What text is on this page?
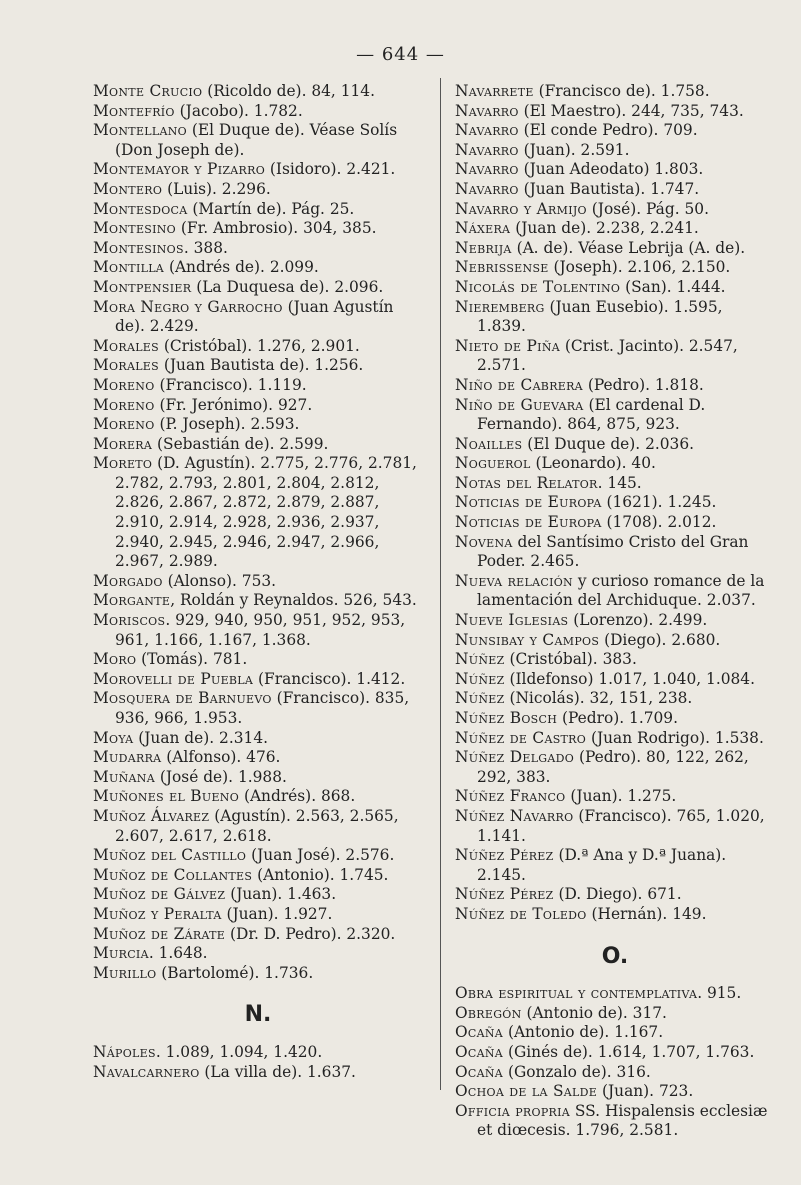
— 644 —
Monte Crucio (Ricoldo de). 84, 114.
Montefrío (Jacobo). 1.782.
Montellano (El Duque de). Véase Solís (Don Joseph de).
Montemayor y Pizarro (Isidoro). 2.421.
Montero (Luis). 2.296.
Montesdoca (Martín de). Pág. 25.
Montesino (Fr. Ambrosio). 304, 385.
Montesinos. 388.
Montilla (Andrés de). 2.099.
Montpensier (La Duquesa de). 2.096.
Mora Negro y Garrocho (Juan Agustín de). 2.429.
Morales (Cristóbal). 1.276, 2.901.
Morales (Juan Bautista de). 1.256.
Moreno (Francisco). 1.119.
Moreno (Fr. Jerónimo). 927.
Moreno (P. Joseph). 2.593.
Morera (Sebastián de). 2.599.
Moreto (D. Agustín). 2.775, 2.776, 2.781, 2.782, 2.793, 2.801, 2.804, 2.812, 2.826, 2.867, 2.872, 2.879, 2.887, 2.910, 2.914, 2.928, 2.936, 2.937, 2.940, 2.945, 2.946, 2.947, 2.966, 2.967, 2.989.
Morgado (Alonso). 753.
Morgante, Roldán y Reynaldos. 526, 543.
Moriscos. 929, 940, 950, 951, 952, 953, 961, 1.166, 1.167, 1.368.
Moro (Tomás). 781.
Morovelli de Puebla (Francisco). 1.412.
Mosquera de Barnuevo (Francisco). 835, 936, 966, 1.953.
Moya (Juan de). 2.314.
Mudarra (Alfonso). 476.
Muñana (José de). 1.988.
Muñones el Bueno (Andrés). 868.
Muñoz Álvarez (Agustín). 2.563, 2.565, 2.607, 2.617, 2.618.
Muñoz del Castillo (Juan José). 2.576.
Muñoz de Collantes (Antonio). 1.745.
Muñoz de Gálvez (Juan). 1.463.
Muñoz y Peralta (Juan). 1.927.
Muñoz de Zárate (Dr. D. Pedro). 2.320.
Murcia. 1.648.
Murillo (Bartolomé). 1.736.
N.
Nápoles. 1.089, 1.094, 1.420.
Navalcarnero (La villa de). 1.637.
Navarrete (Francisco de). 1.758.
Navarro (El Maestro). 244, 735, 743.
Navarro (El conde Pedro). 709.
Navarro (Juan). 2.591.
Navarro (Juan Adeodato) 1.803.
Navarro (Juan Bautista). 1.747.
Navarro y Armijo (José). Pág. 50.
Náxera (Juan de). 2.238, 2.241.
Nebrija (A. de). Véase Lebrija (A. de).
Nebrissense (Joseph). 2.106, 2.150.
Nicolás de Tolentino (San). 1.444.
Nieremberg (Juan Eusebio). 1.595, 1.839.
Nieto de Piña (Crist. Jacinto). 2.547, 2.571.
Niño de Cabrera (Pedro). 1.818.
Niño de Guevara (El cardenal D. Fernando). 864, 875, 923.
Noailles (El Duque de). 2.036.
Noguerol (Leonardo). 40.
Notas del Relator. 145.
Noticias de Europa (1621). 1.245.
Noticias de Europa (1708). 2.012.
Novena del Santísimo Cristo del Gran Poder. 2.465.
Nueva relación y curioso romance de la lamentación del Archiduque. 2.037.
Nueve Iglesias (Lorenzo). 2.499.
Nunsibay y Campos (Diego). 2.680.
Núñez (Cristóbal). 383.
Núñez (Ildefonso) 1.017, 1.040, 1.084.
Núñez (Nicolás). 32, 151, 238.
Núñez Bosch (Pedro). 1.709.
Núñez de Castro (Juan Rodrigo). 1.538.
Núñez Delgado (Pedro). 80, 122, 262, 292, 383.
Núñez Franco (Juan). 1.275.
Núñez Navarro (Francisco). 765, 1.020, 1.141.
Núñez Pérez (D.ª Ana y D.ª Juana). 2.145.
Núñez Pérez (D. Diego). 671.
Núñez de Toledo (Hernán). 149.
O.
Obra espiritual y contemplativa. 915.
Obregón (Antonio de). 317.
Ocaña (Antonio de). 1.167.
Ocaña (Ginés de). 1.614, 1.707, 1.763.
Ocaña (Gonzalo de). 316.
Ochoa de la Salde (Juan). 723.
Officia propria SS. Hispalensis ecclesiæ et diœcesis. 1.796, 2.581.
